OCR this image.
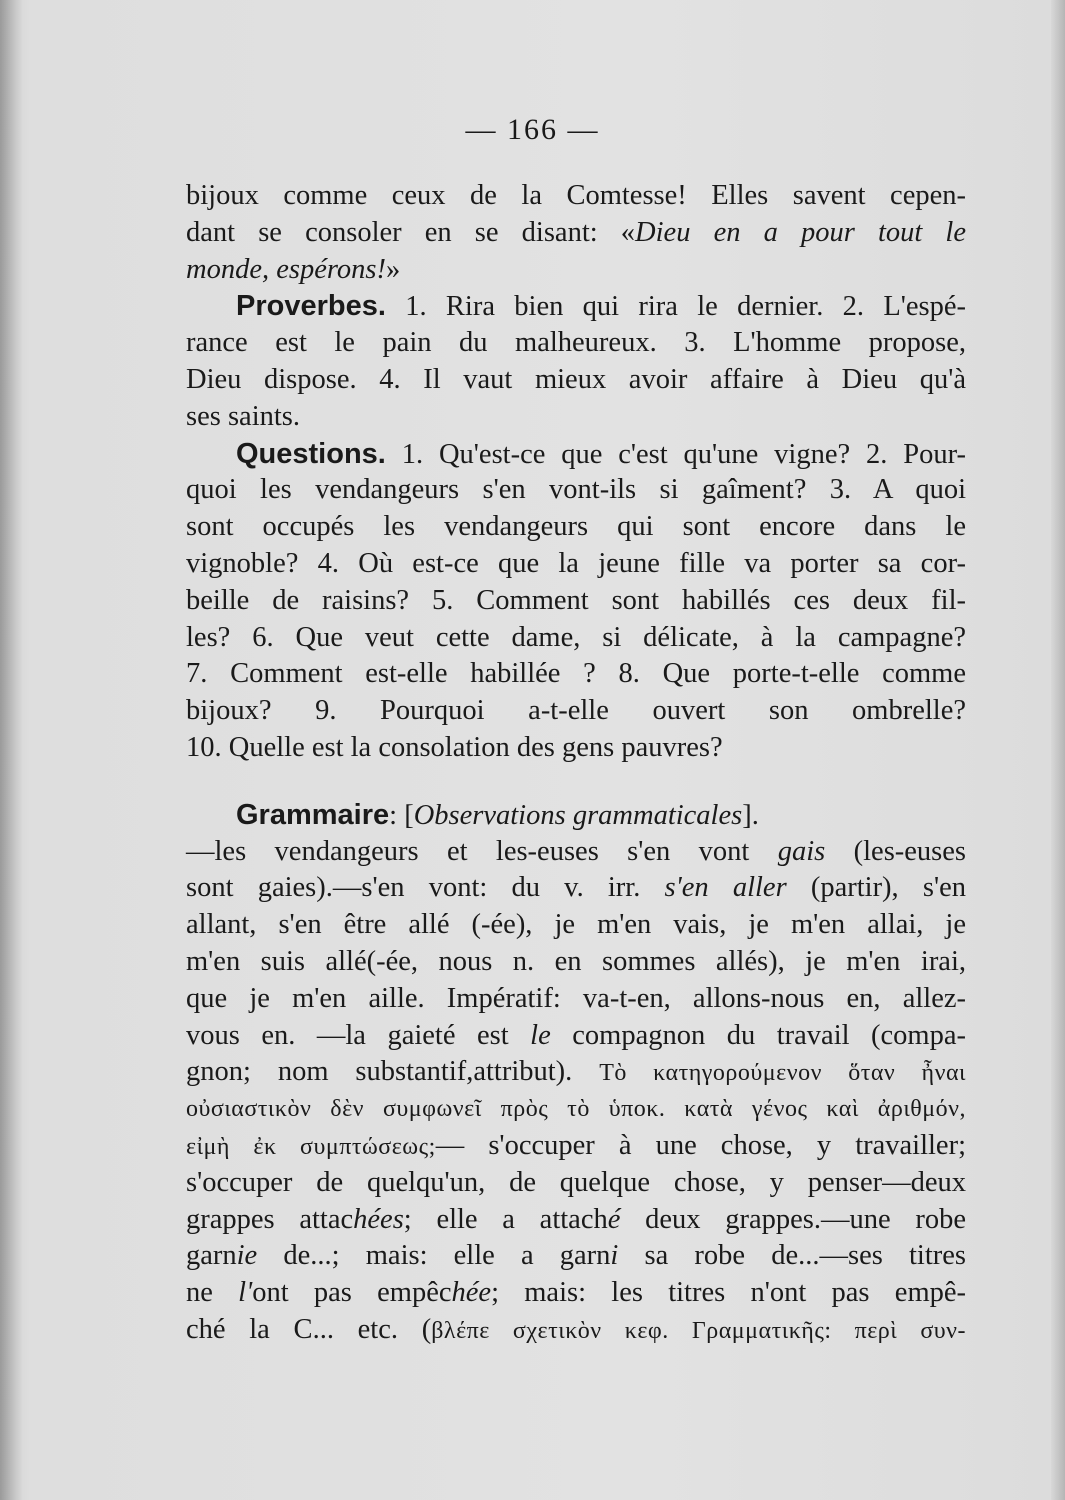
— 166 —
bijoux comme ceux de la Comtesse! Elles savent cepen-
dant se consoler en se disant: «Dieu en a pour tout le
monde, espérons!»
Proverbes. 1. Rira bien qui rira le dernier. 2. L'espé-
rance est le pain du malheureux. 3. L'homme propose,
Dieu dispose. 4. Il vaut mieux avoir affaire à Dieu qu'à
ses saints.
Questions. 1. Qu'est-ce que c'est qu'une vigne? 2. Pour-
quoi les vendangeurs s'en vont-ils si gaîment? 3. A quoi
sont occupés les vendangeurs qui sont encore dans le
vignoble? 4. Où est-ce que la jeune fille va porter sa cor-
beille de raisins? 5. Comment sont habillés ces deux fil-
les? 6. Que veut cette dame, si délicate, à la campagne?
7. Comment est-elle habillée ? 8. Que porte-t-elle comme
bijoux? 9. Pourquoi a-t-elle ouvert son ombrelle?
10. Quelle est la consolation des gens pauvres?
Grammaire: [Observations grammaticales].
—les vendangeurs et les-euses s'en vont gais (les-euses
sont gaies).—s'en vont: du v. irr. s'en aller (partir), s'en
allant, s'en être allé (-ée), je m'en vais, je m'en allai, je
m'en suis allé(-ée, nous n. en sommes allés), je m'en irai,
que je m'en aille. Impératif: va-t-en, allons-nous en, allez-
vous en. —la gaieté est le compagnon du travail (compa-
gnon; nom substantif,attribut). Τὸ κατηγορούμενον ὅταν ἦναι
οὐσιαστικὸν δὲν συμφωνεῖ πρὸς τὸ ὑποκ. κατὰ γένος καὶ ἀριθμόν,
εἰμὴ ἐκ συμπτώσεως;— s'occuper à une chose, y travailler;
s'occuper de quelqu'un, de quelque chose, y penser—deux
grappes attachées; elle a attaché deux grappes.—une robe
garnie de...; mais: elle a garni sa robe de...—ses titres
ne l'ont pas empêchée; mais: les titres n'ont pas empê-
ché la C... etc. (βλέπε σχετικὸν κεφ. Γραμματικῆς: περὶ συν-
